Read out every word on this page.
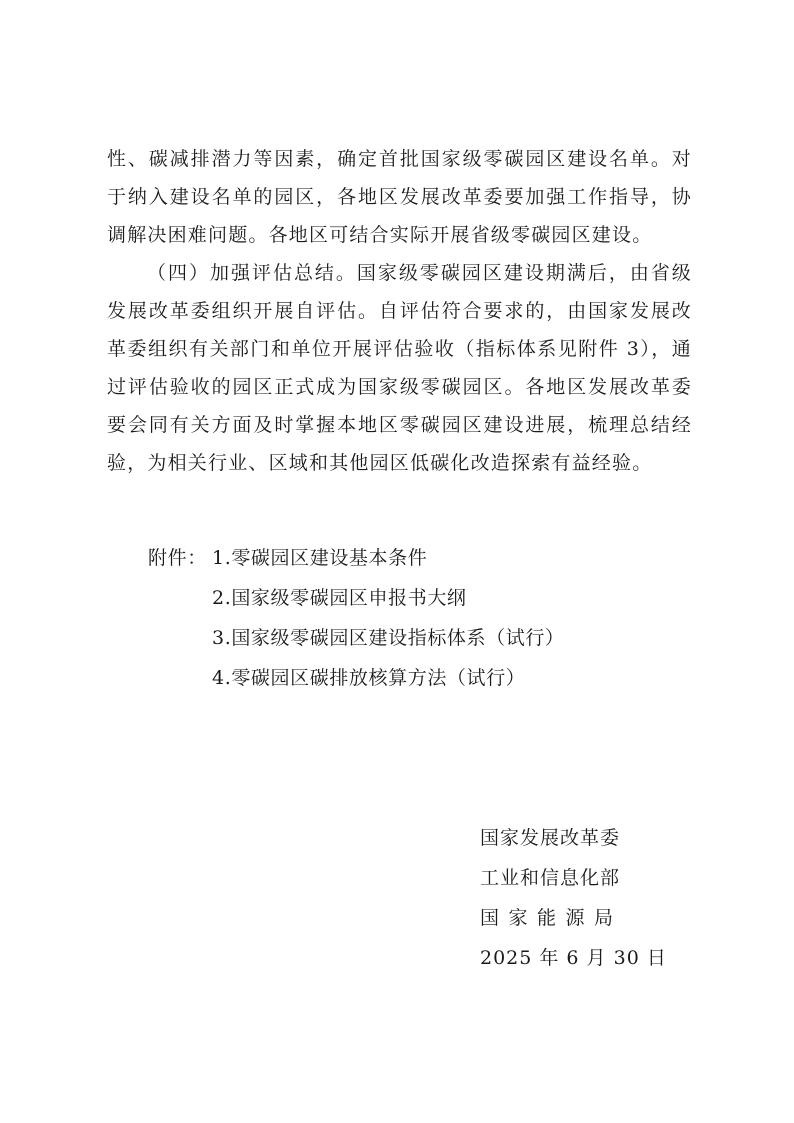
性、碳减排潜力等因素，确定首批国家级零碳园区建设名单。对于纳入建设名单的园区，各地区发展改革委要加强工作指导，协调解决困难问题。各地区可结合实际开展省级零碳园区建设。

（四）加强评估总结。国家级零碳园区建设期满后，由省级发展改革委组织开展自评估。自评估符合要求的，由国家发展改革委组织有关部门和单位开展评估验收（指标体系见附件 3），通过评估验收的园区正式成为国家级零碳园区。各地区发展改革委要会同有关方面及时掌握本地区零碳园区建设进展，梳理总结经验，为相关行业、区域和其他园区低碳化改造探索有益经验。

附件： 1.零碳园区建设基本条件
2.国家级零碳园区申报书大纲
3.国家级零碳园区建设指标体系（试行）
4.零碳园区碳排放核算方法（试行）
国家发展改革委
工业和信息化部
国家能源局
2025 年 6 月 30 日
